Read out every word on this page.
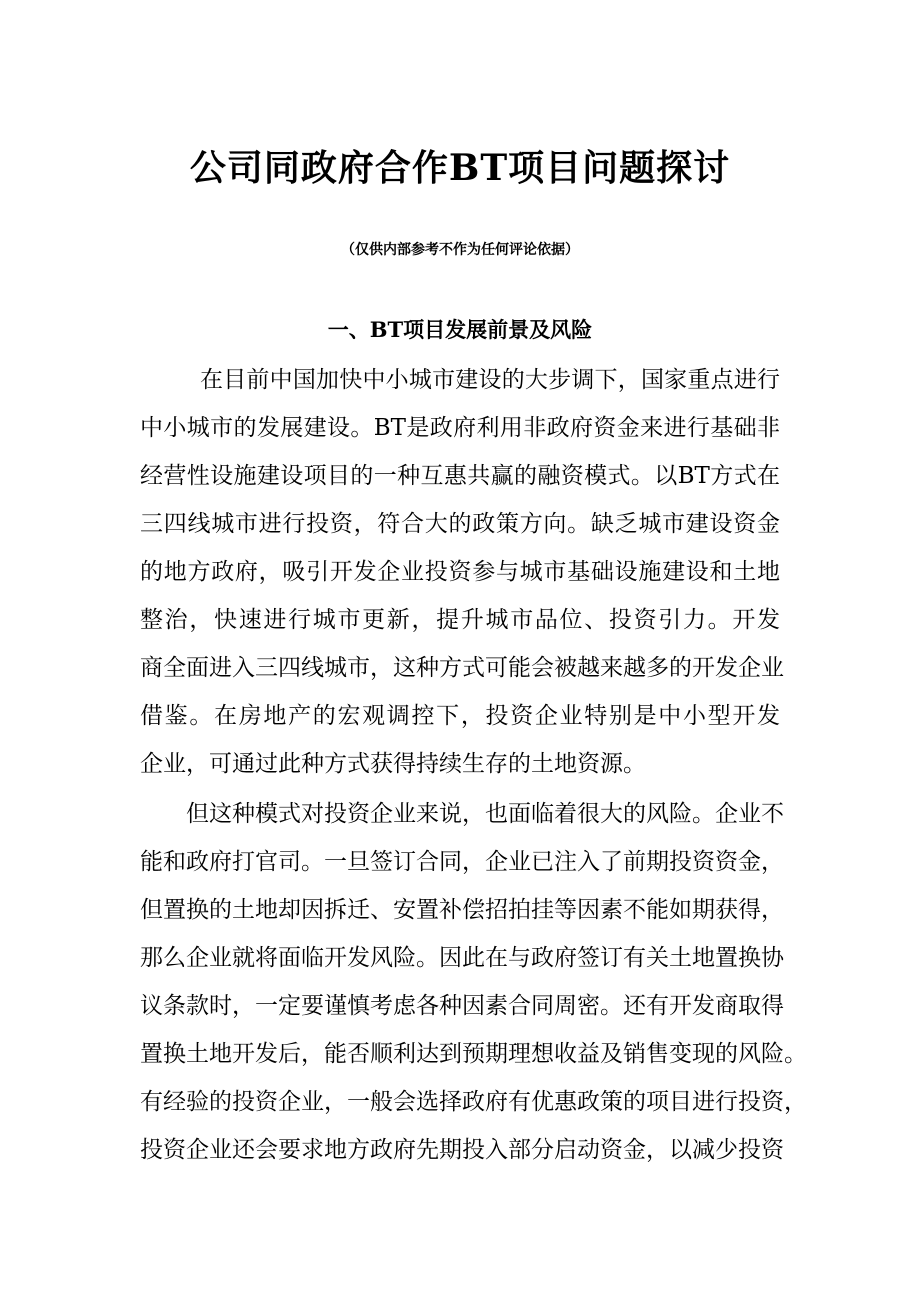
公司同政府合作BT项目问题探讨

（仅供内部参考不作为任何评论依据）

一、BT项目发展前景及风险

在目前中国加快中小城市建设的大步调下，国家重点进行

中小城市的发展建设。BT是政府利用非政府资金来进行基础非

经营性设施建设项目的一种互惠共赢的融资模式。以BT方式在

三四线城市进行投资，符合大的政策方向。缺乏城市建设资金

的地方政府，吸引开发企业投资参与城市基础设施建设和土地

整治，快速进行城市更新，提升城市品位、投资引力。开发

商全面进入三四线城市，这种方式可能会被越来越多的开发企业

借鉴。在房地产的宏观调控下，投资企业特别是中小型开发

企业，可通过此种方式获得持续生存的土地资源。

但这种模式对投资企业来说，也面临着很大的风险。企业不

能和政府打官司。一旦签订合同，企业已注入了前期投资资金，

但置换的土地却因拆迁、安置补偿招拍挂等因素不能如期获得，

那么企业就将面临开发风险。因此在与政府签订有关土地置换协

议条款时，一定要谨慎考虑各种因素合同周密。还有开发商取得

置换土地开发后，能否顺利达到预期理想收益及销售变现的风险。

有经验的投资企业，一般会选择政府有优惠政策的项目进行投资，

投资企业还会要求地方政府先期投入部分启动资金，以减少投资
